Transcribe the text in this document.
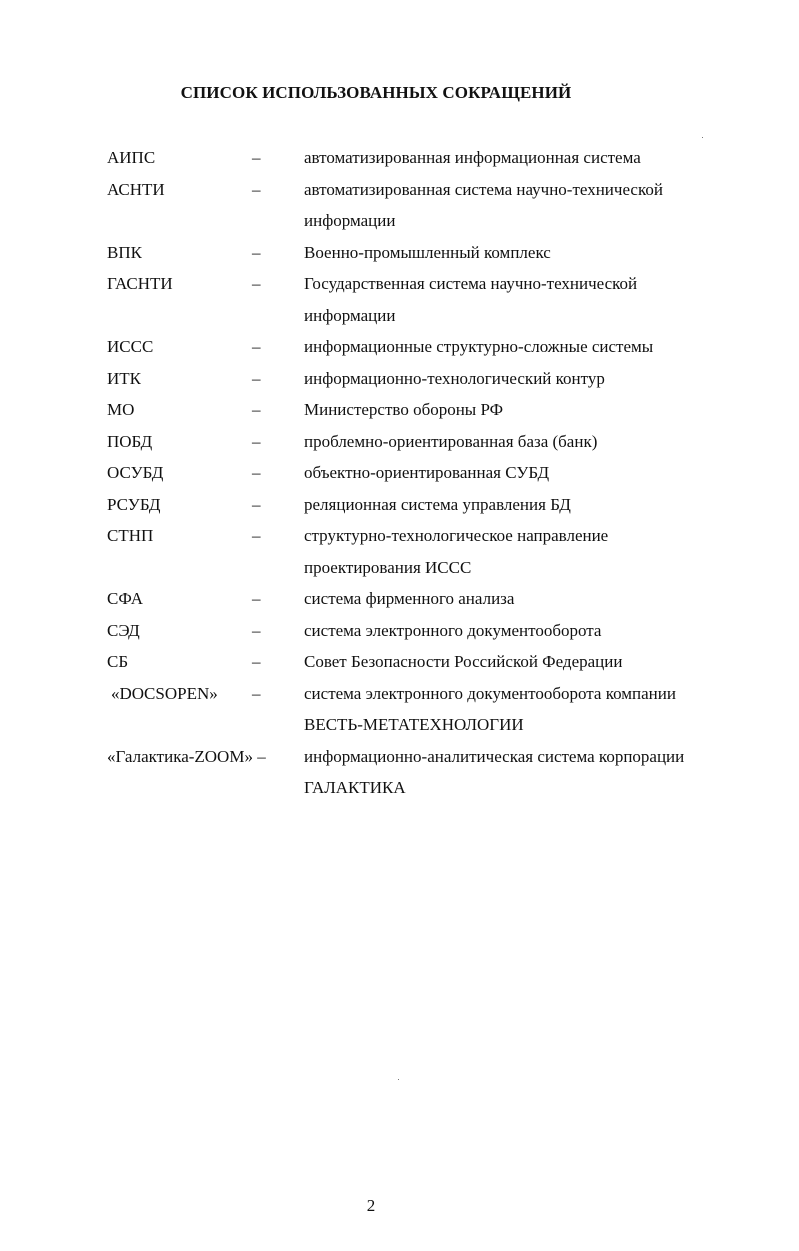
СПИСОК ИСПОЛЬЗОВАННЫХ СОКРАЩЕНИЙ
АИПС	–	автоматизированная информационная система
АСНТИ	–	автоматизированная система научно-технической
информации
ВПК	–	Военно-промышленный комплекс
ГАСНТИ	–	Государственная система научно-технической
информации
ИССС	–	информационные структурно-сложные системы
ИТК	–	информационно-технологический контур
МО	–	Министерство обороны РФ
ПОБД	–	проблемно-ориентированная база (банк)
ОСУБД	–	объектно-ориентированная СУБД
РСУБД	–	реляционная система управления БД
СТНП	–	структурно-технологическое направление
проектирования ИССС
СФА	–	система фирменного анализа
СЭД	–	система электронного документооборота
СБ	–	Совет Безопасности Российской Федерации
«DOCSOPEN» –	система электронного документооборота компании
ВЕСТЬ-МЕТАТЕХНОЛОГИИ
«Галактика-ZOOM» – информационно-аналитическая система корпорации
ГАЛАКТИКА
2
